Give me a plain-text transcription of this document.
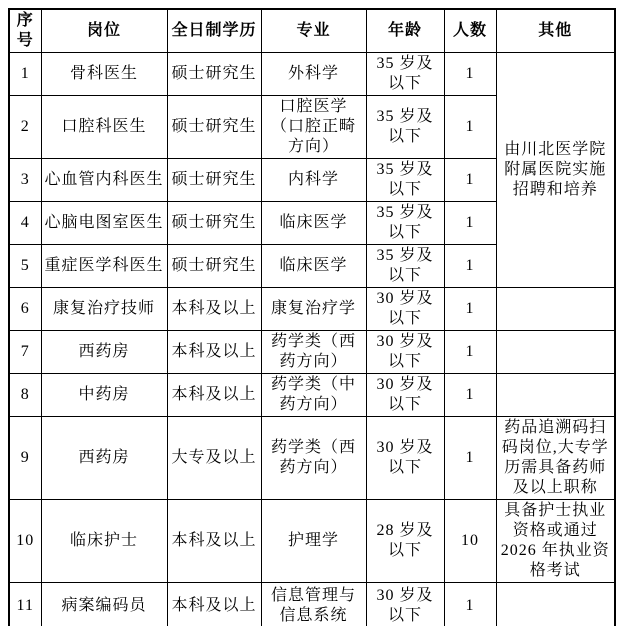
序号	岗位	全日制学历	专业	年龄	人数	其他
1	骨科医生	硕士研究生	外科学	35 岁及以下	1	由川北医学院附属医院实施招聘和培养
2	口腔科医生	硕士研究生	口腔医学（口腔正畸方向）	35 岁及以下	1	
3	心血管内科医生	硕士研究生	内科学	35 岁及以下	1	
4	心脑电图室医生	硕士研究生	临床医学	35 岁及以下	1	
5	重症医学科医生	硕士研究生	临床医学	35 岁及以下	1	
6	康复治疗技师	本科及以上	康复治疗学	30 岁及以下	1	
7	西药房	本科及以上	药学类（西药方向）	30 岁及以下	1	
8	中药房	本科及以上	药学类（中药方向）	30 岁及以下	1	
9	西药房	大专及以上	药学类（西药方向）	30 岁及以下	1	药品追溯码扫码岗位,大专学历需具备药师及以上职称
10	临床护士	本科及以上	护理学	28 岁及以下	10	具备护士执业资格或通过2026 年执业资格考试
11	病案编码员	本科及以上	信息管理与信息系统	30 岁及以下	1	
